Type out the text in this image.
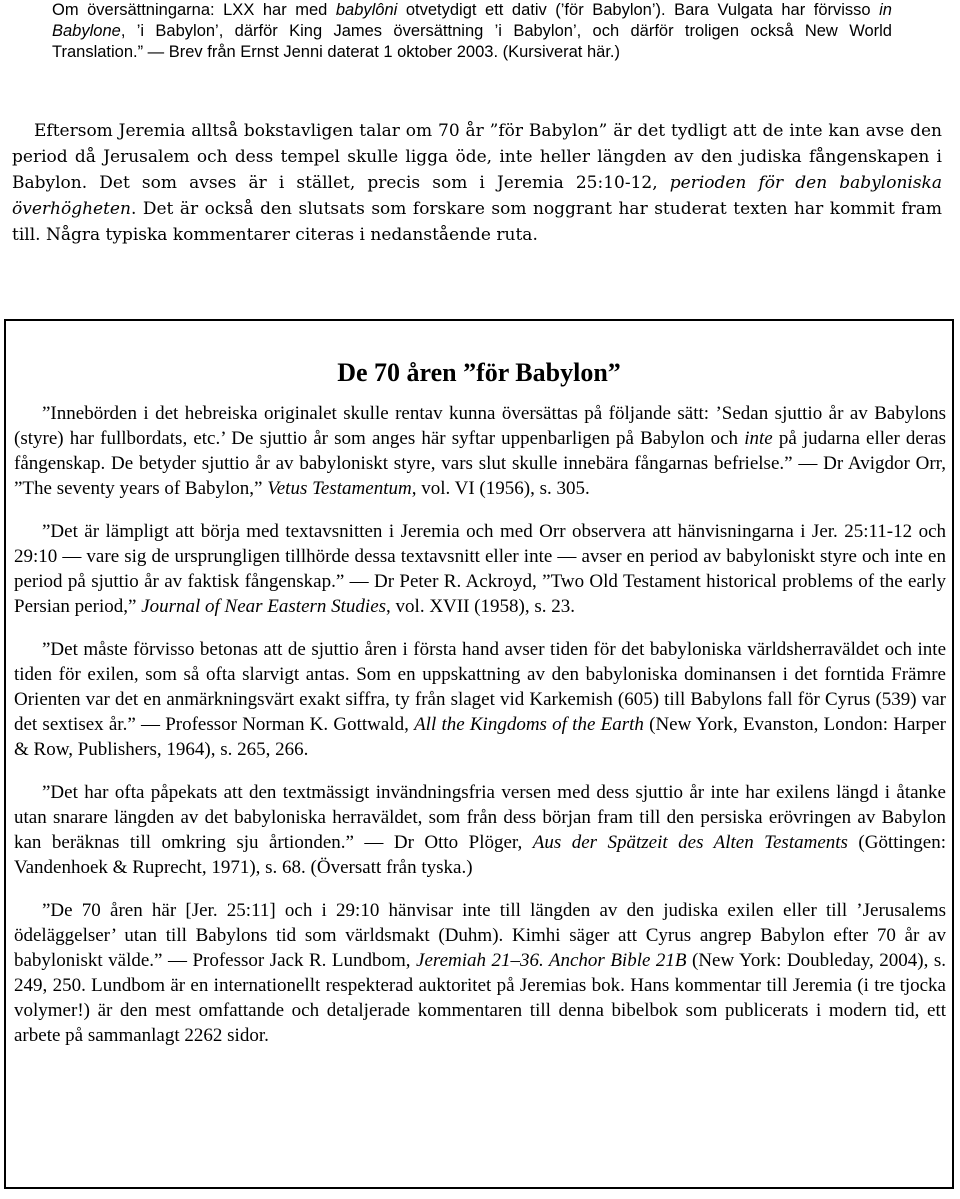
Om översättningarna: LXX har med babylôni otvetydigt ett dativ (’för Babylon’). Bara Vulgata har förvisso in Babylone, ’i Babylon’, därför King James översättning ’i Babylon’, och därför troligen också New World Translation.” — Brev från Ernst Jenni daterat 1 oktober 2003. (Kursiverat här.)

Eftersom Jeremia alltså bokstavligen talar om 70 år ”för Babylon” är det tydligt att de inte kan avse den period då Jerusalem och dess tempel skulle ligga öde, inte heller längden av den judiska fångenskapen i Babylon. Det som avses är i stället, precis som i Jeremia 25:10-12, perioden för den babyloniska överhögheten. Det är också den slutsats som forskare som noggrant har studerat texten har kommit fram till. Några typiska kommentarer citeras i nedanstående ruta.

De 70 åren ”för Babylon”

”Innebörden i det hebreiska originalet skulle rentav kunna översättas på följande sätt: ’Sedan sjuttio år av Babylons (styre) har fullbordats, etc.’ De sjuttio år som anges här syftar uppenbarligen på Babylon och inte på judarna eller deras fångenskap. De betyder sjuttio år av babyloniskt styre, vars slut skulle innebära fångarnas befrielse.” — Dr Avigdor Orr, ”The seventy years of Babylon,” Vetus Testamentum, vol. VI (1956), s. 305.

”Det är lämpligt att börja med textavsnitten i Jeremia och med Orr observera att hänvisningarna i Jer. 25:11-12 och 29:10 — vare sig de ursprungligen tillhörde dessa textavsnitt eller inte — avser en period av babyloniskt styre och inte en period på sjuttio år av faktisk fångenskap.” — Dr Peter R. Ackroyd, ”Two Old Testament historical problems of the early Persian period,” Journal of Near Eastern Studies, vol. XVII (1958), s. 23.

”Det måste förvisso betonas att de sjuttio åren i första hand avser tiden för det babyloniska världsherraväldet och inte tiden för exilen, som så ofta slarvigt antas. Som en uppskattning av den babyloniska dominansen i det forntida Främre Orienten var det en anmärkningsvärt exakt siffra, ty från slaget vid Karkemish (605) till Babylons fall för Cyrus (539) var det sextisex år.” — Professor Norman K. Gottwald, All the Kingdoms of the Earth (New York, Evanston, London: Harper & Row, Publishers, 1964), s. 265, 266.

”Det har ofta påpekats att den textmässigt invändningsfria versen med dess sjuttio år inte har exilens längd i åtanke utan snarare längden av det babyloniska herraväldet, som från dess början fram till den persiska erövringen av Babylon kan beräknas till omkring sju årtionden.” — Dr Otto Plöger, Aus der Spätzeit des Alten Testaments (Göttingen: Vandenhoek & Ruprecht, 1971), s. 68. (Översatt från tyska.)

”De 70 åren här [Jer. 25:11] och i 29:10 hänvisar inte till längden av den judiska exilen eller till ’Jerusalems ödeläggelser’ utan till Babylons tid som världsmakt (Duhm). Kimhi säger att Cyrus angrep Babylon efter 70 år av babyloniskt välde.” — Professor Jack R. Lundbom, Jeremiah 21–36. Anchor Bible 21B (New York: Doubleday, 2004), s. 249, 250. Lundbom är en internationellt respekterad auktoritet på Jeremias bok. Hans kommentar till Jeremia (i tre tjocka volymer!) är den mest omfattande och detaljerade kommentaren till denna bibelbok som publicerats i modern tid, ett arbete på sammanlagt 2262 sidor.
